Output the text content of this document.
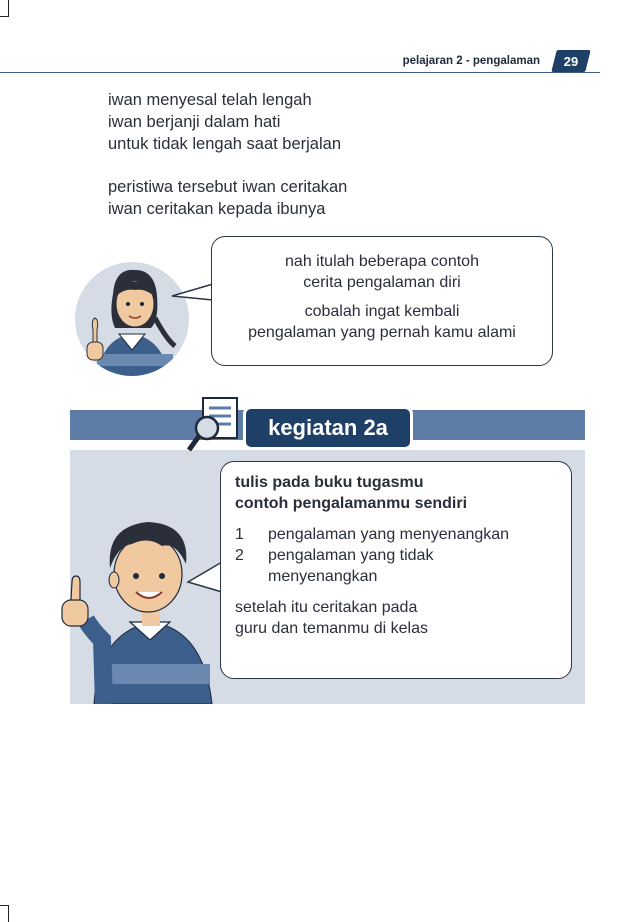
pelajaran 2 - pengalaman	29
iwan menyesal telah lengah
iwan berjanji dalam hati
untuk tidak lengah saat berjalan
peristiwa tersebut iwan ceritakan
iwan ceritakan kepada ibunya
nah itulah beberapa contoh
cerita pengalaman diri
cobalah ingat kembali
pengalaman yang pernah kamu alami
kegiatan 2a
tulis pada buku tugasmu
contoh pengalamanmu sendiri
1	pengalaman yang menyenangkan
2	pengalaman yang tidak
menyenangkan
setelah itu ceritakan pada
guru dan temanmu di kelas
